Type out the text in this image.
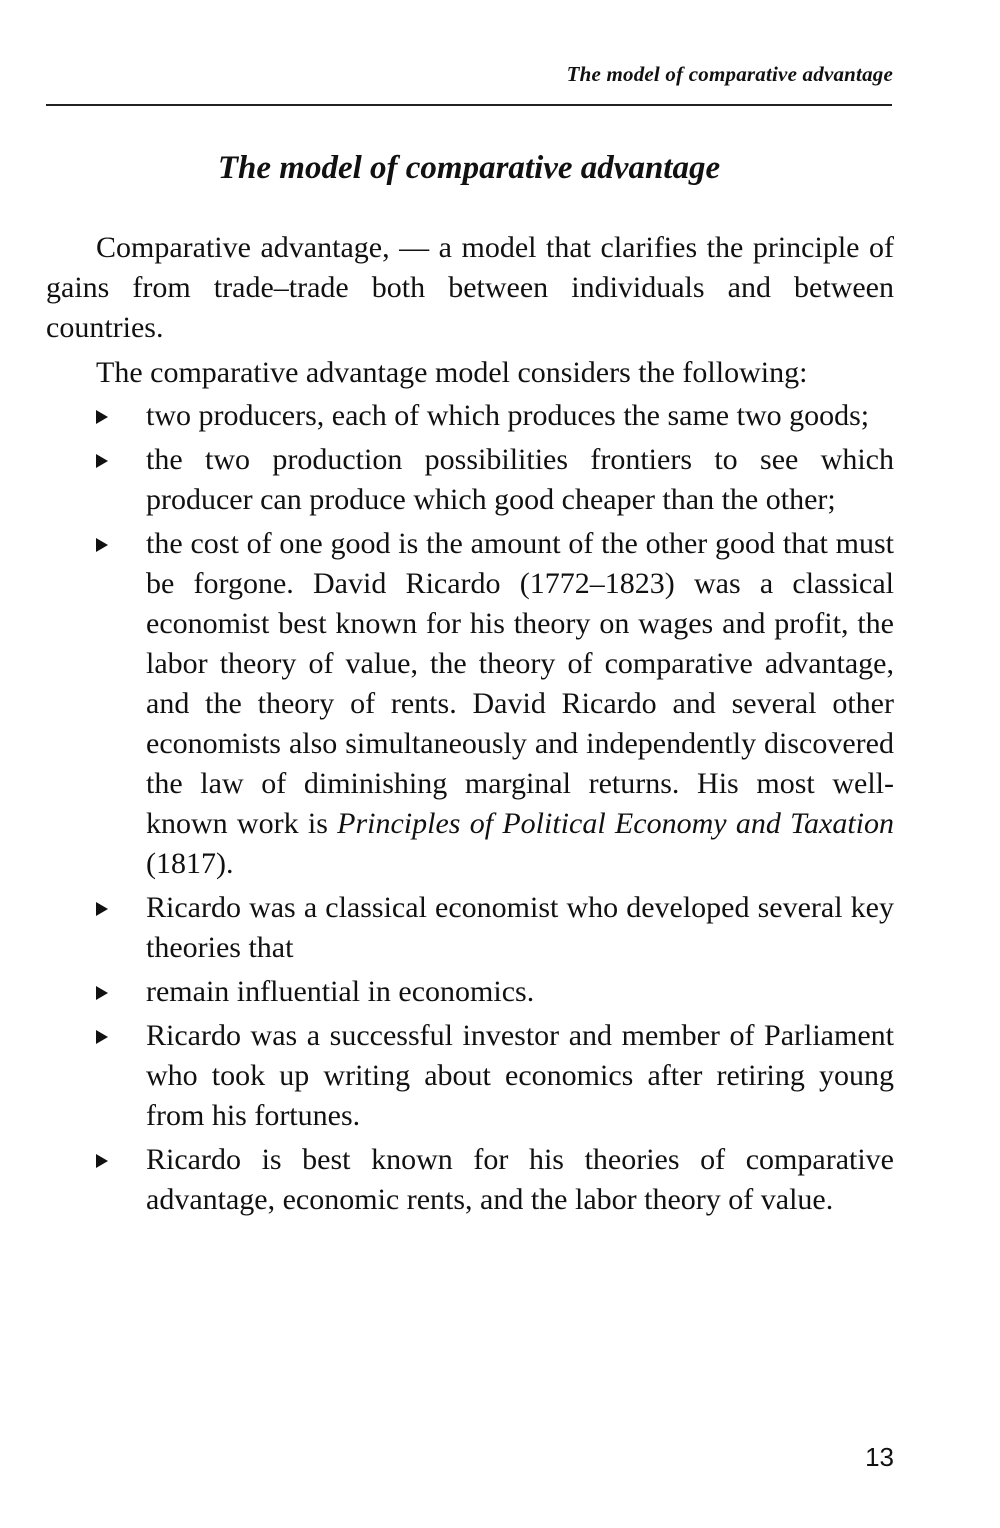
The model of comparative advantage
The model of comparative advantage

Comparative advantage, — a model that clarifies the principle of gains from trade–trade both between individuals and between countries.

The comparative advantage model considers the following:

two producers, each of which produces the same two goods;
the two production possibilities frontiers to see which producer can produce which good cheaper than the other;
the cost of one good is the amount of the other good that must be forgone. David Ricardo (1772–1823) was a classical economist best known for his theory on wages and profit, the labor theory of value, the theory of comparative advantage, and the theory of rents. David Ricardo and several other economists also simultaneously and independently discovered the law of diminishing marginal returns. His most well-known work is Principles of Political Economy and Taxation (1817).
Ricardo was a classical economist who developed several key theories that
remain influential in economics.
Ricardo was a successful investor and member of Parliament who took up writing about economics after retiring young from his fortunes.
Ricardo is best known for his theories of comparative advantage, economic rents, and the labor theory of value.
13
